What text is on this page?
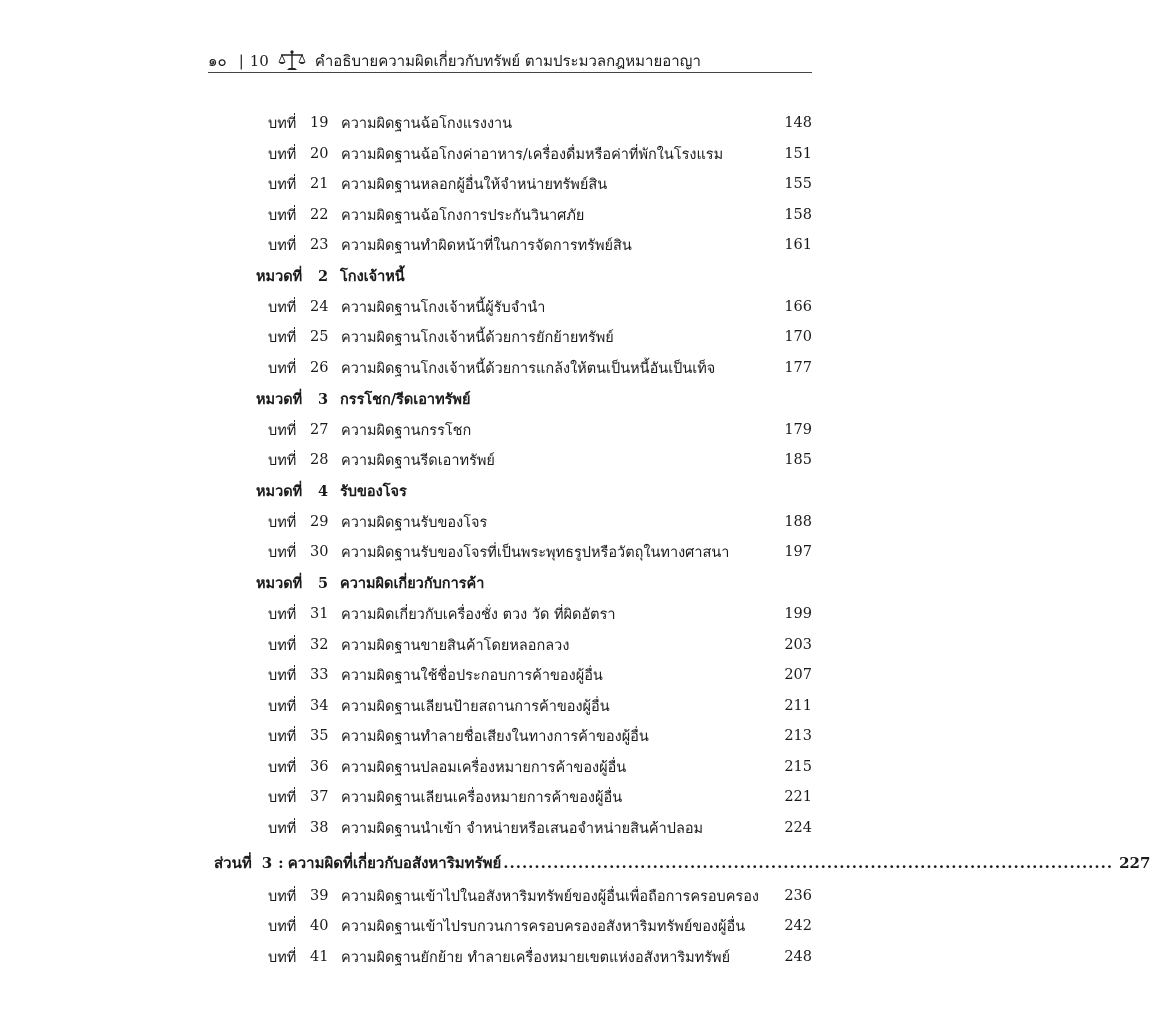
๑๐ | 10	คำอธิบายความผิดเกี่ยวกับทรัพย์ ตามประมวลกฎหมายอาญา
บทที่ 19 ความผิดฐานฉ้อโกงแรงงาน	148
บทที่ 20 ความผิดฐานฉ้อโกงค่าอาหาร/เครื่องดื่มหรือค่าที่พักในโรงแรม	151
บทที่ 21 ความผิดฐานหลอกผู้อื่นให้จำหน่ายทรัพย์สิน	155
บทที่ 22 ความผิดฐานฉ้อโกงการประกันวินาศภัย	158
บทที่ 23 ความผิดฐานทำผิดหน้าที่ในการจัดการทรัพย์สิน	161
หมวดที่ 2 โกงเจ้าหนี้
บทที่ 24 ความผิดฐานโกงเจ้าหนี้ผู้รับจำนำ	166
บทที่ 25 ความผิดฐานโกงเจ้าหนี้ด้วยการยักย้ายทรัพย์	170
บทที่ 26 ความผิดฐานโกงเจ้าหนี้ด้วยการแกล้งให้ตนเป็นหนี้อันเป็นเท็จ	177
หมวดที่ 3 กรรโชก/รีดเอาทรัพย์
บทที่ 27 ความผิดฐานกรรโชก	179
บทที่ 28 ความผิดฐานรีดเอาทรัพย์	185
หมวดที่ 4 รับของโจร
บทที่ 29 ความผิดฐานรับของโจร	188
บทที่ 30 ความผิดฐานรับของโจรที่เป็นพระพุทธรูปหรือวัตถุในทางศาสนา	197
หมวดที่ 5 ความผิดเกี่ยวกับการค้า
บทที่ 31 ความผิดเกี่ยวกับเครื่องชั่ง ตวง วัด ที่ผิดอัตรา	199
บทที่ 32 ความผิดฐานขายสินค้าโดยหลอกลวง	203
บทที่ 33 ความผิดฐานใช้ชื่อประกอบการค้าของผู้อื่น	207
บทที่ 34 ความผิดฐานเลียนป้ายสถานการค้าของผู้อื่น	211
บทที่ 35 ความผิดฐานทำลายชื่อเสียงในทางการค้าของผู้อื่น	213
บทที่ 36 ความผิดฐานปลอมเครื่องหมายการค้าของผู้อื่น	215
บทที่ 37 ความผิดฐานเลียนเครื่องหมายการค้าของผู้อื่น	221
บทที่ 38 ความผิดฐานนำเข้า จำหน่ายหรือเสนอจำหน่ายสินค้าปลอม	224
ส่วนที่ 3 : ความผิดที่เกี่ยวกับอสังหาริมทรัพย์ .................................................................................................. 227
บทที่ 39 ความผิดฐานเข้าไปในอสังหาริมทรัพย์ของผู้อื่นเพื่อถือการครอบครอง	236
บทที่ 40 ความผิดฐานเข้าไปรบกวนการครอบครองอสังหาริมทรัพย์ของผู้อื่น	242
บทที่ 41 ความผิดฐานยักย้าย ทำลายเครื่องหมายเขตแห่งอสังหาริมทรัพย์	248
